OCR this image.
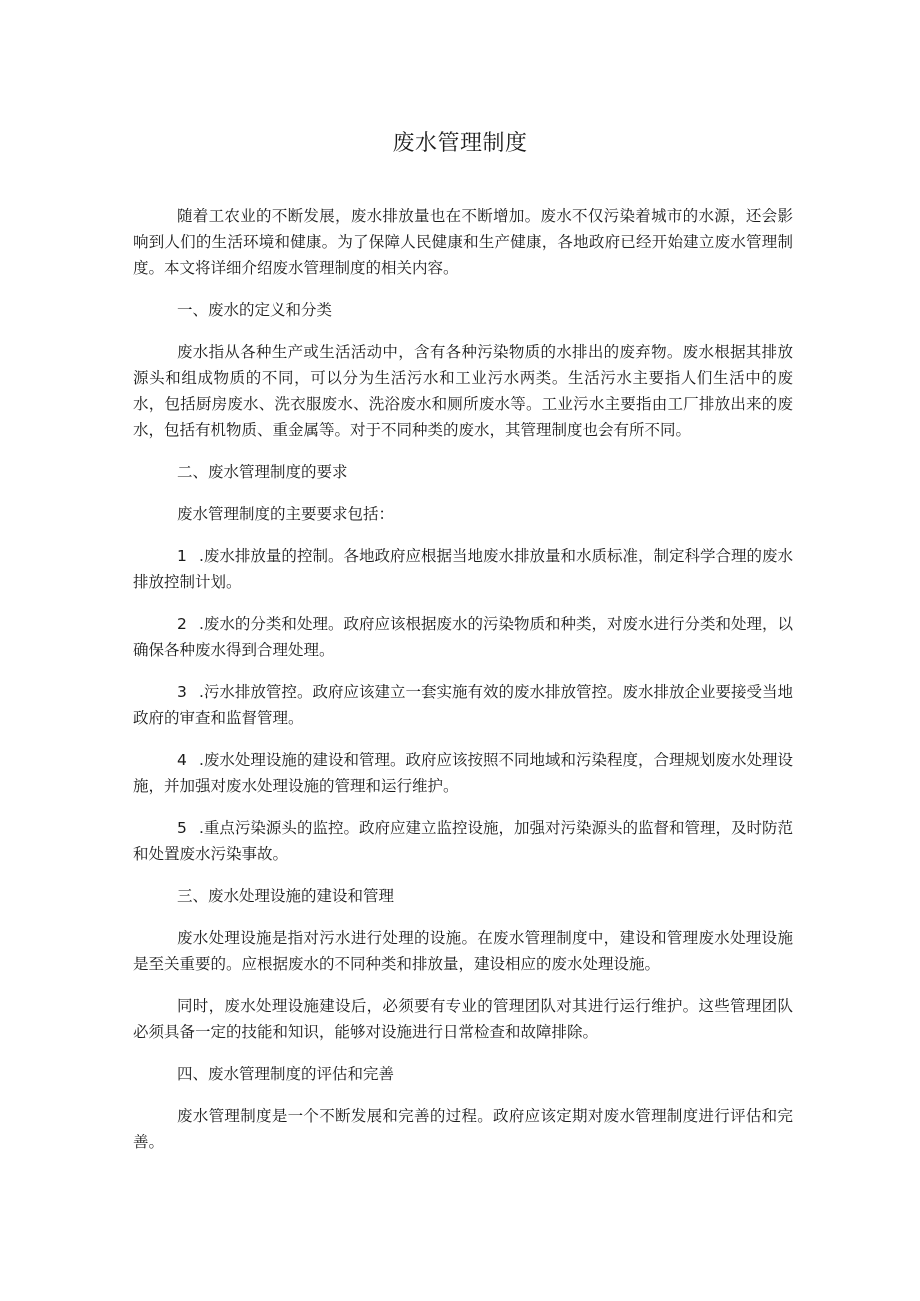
废水管理制度

随着工农业的不断发展，废水排放量也在不断增加。废水不仅污染着城市的水源，还会影响到人们的生活环境和健康。为了保障人民健康和生产健康，各地政府已经开始建立废水管理制度。本文将详细介绍废水管理制度的相关内容。

一、废水的定义和分类

废水指从各种生产或生活活动中，含有各种污染物质的水排出的废弃物。废水根据其排放源头和组成物质的不同，可以分为生活污水和工业污水两类。生活污水主要指人们生活中的废水，包括厨房废水、洗衣服废水、洗浴废水和厕所废水等。工业污水主要指由工厂排放出来的废水，包括有机物质、重金属等。对于不同种类的废水，其管理制度也会有所不同。

二、废水管理制度的要求

废水管理制度的主要要求包括：

1 .废水排放量的控制。各地政府应根据当地废水排放量和水质标准，制定科学合理的废水排放控制计划。

2 .废水的分类和处理。政府应该根据废水的污染物质和种类，对废水进行分类和处理，以确保各种废水得到合理处理。

3 .污水排放管控。政府应该建立一套实施有效的废水排放管控。废水排放企业要接受当地政府的审查和监督管理。

4 .废水处理设施的建设和管理。政府应该按照不同地域和污染程度，合理规划废水处理设施，并加强对废水处理设施的管理和运行维护。

5 .重点污染源头的监控。政府应建立监控设施，加强对污染源头的监督和管理，及时防范和处置废水污染事故。

三、废水处理设施的建设和管理

废水处理设施是指对污水进行处理的设施。在废水管理制度中，建设和管理废水处理设施是至关重要的。应根据废水的不同种类和排放量，建设相应的废水处理设施。

同时，废水处理设施建设后，必须要有专业的管理团队对其进行运行维护。这些管理团队必须具备一定的技能和知识，能够对设施进行日常检查和故障排除。

四、废水管理制度的评估和完善

废水管理制度是一个不断发展和完善的过程。政府应该定期对废水管理制度进行评估和完善。
